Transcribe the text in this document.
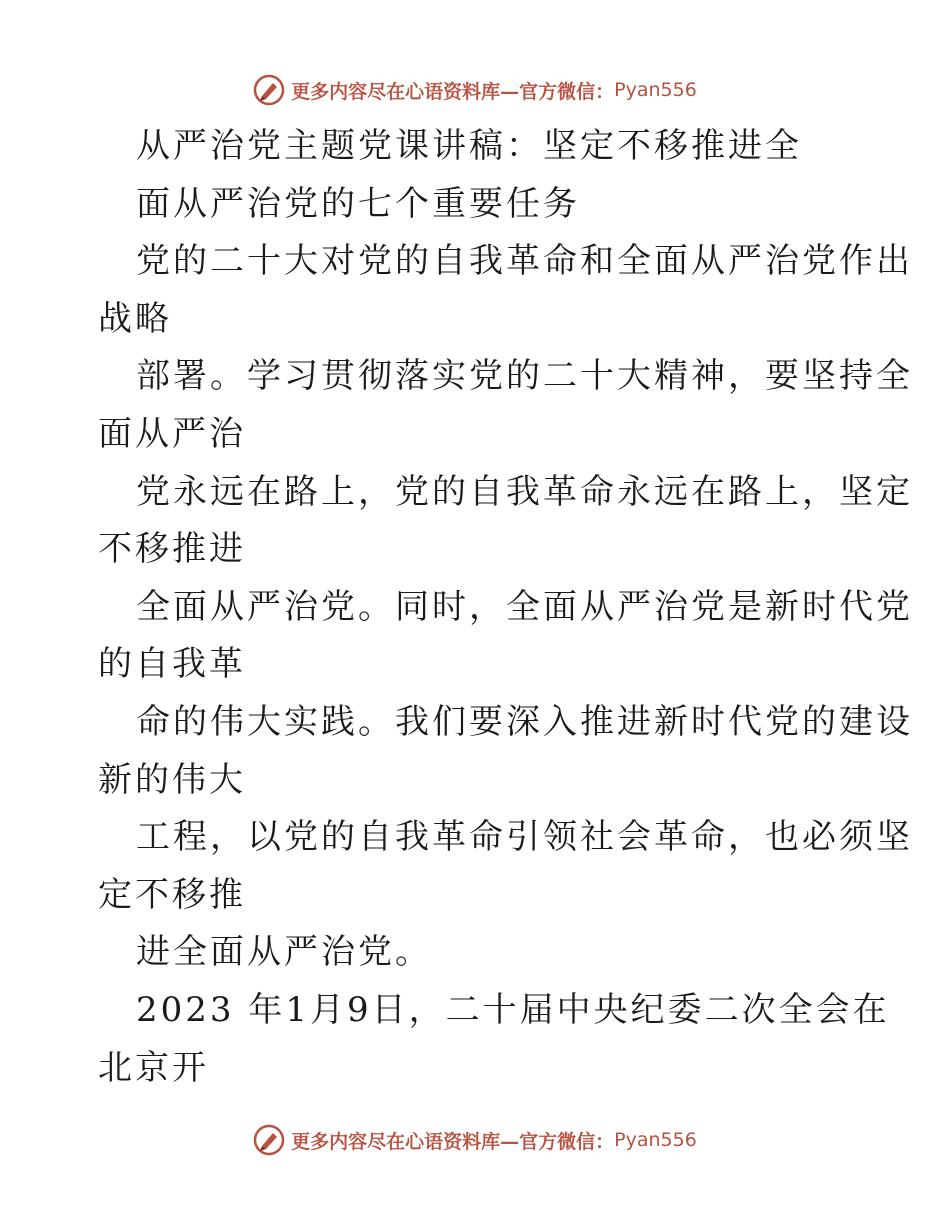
更多内容尽在心语资料库—官方微信： Pyan556
从严治党主题党课讲稿：坚定不移推进全
面从严治党的七个重要任务
党的二十大对党的自我革命和全面从严治党作出
战略
部署。学习贯彻落实党的二十大精神，要坚持全
面从严治
党永远在路上，党的自我革命永远在路上，坚定
不移推进
全面从严治党。同时，全面从严治党是新时代党
的自我革
命的伟大实践。我们要深入推进新时代党的建设
新的伟大
工程，以党的自我革命引领社会革命，也必须坚
定不移推
进全面从严治党。
2023 年1月9日，二十届中央纪委二次全会在
北京开
更多内容尽在心语资料库—官方微信： Pyan556
